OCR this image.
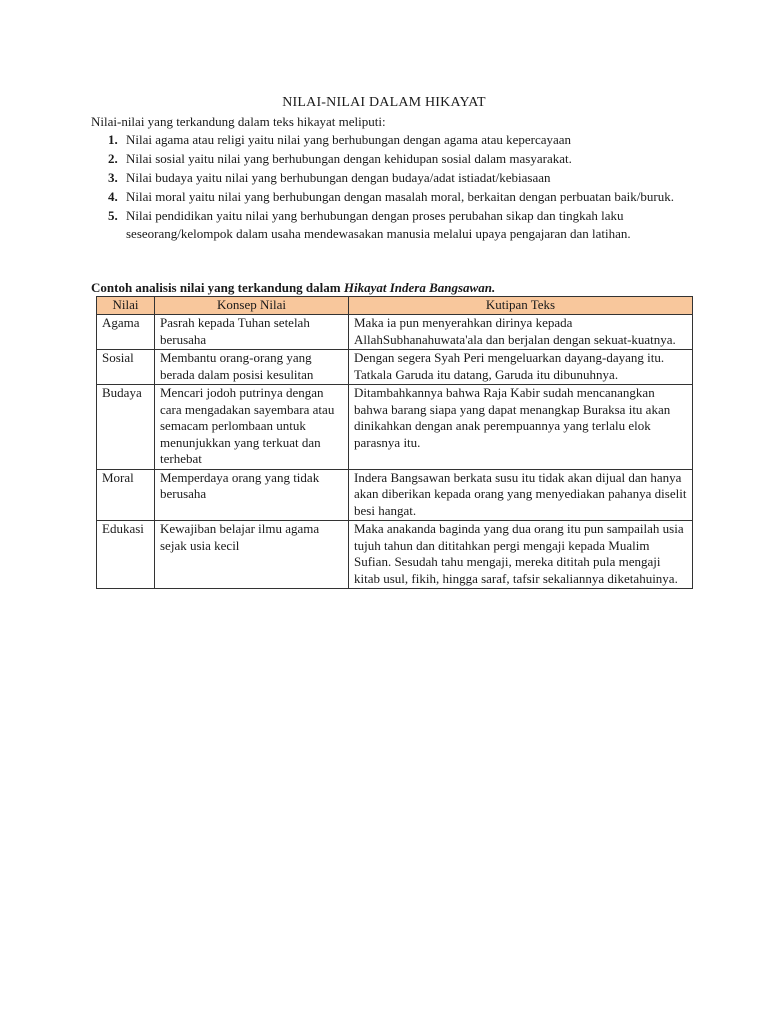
NILAI-NILAI DALAM HIKAYAT
Nilai-nilai yang terkandung dalam teks hikayat meliputi:
1. Nilai agama atau religi yaitu nilai yang berhubungan dengan agama atau kepercayaan
2. Nilai sosial yaitu nilai yang berhubungan dengan kehidupan sosial dalam masyarakat.
3. Nilai budaya yaitu nilai yang berhubungan dengan budaya/adat istiadat/kebiasaan
4. Nilai moral yaitu nilai yang berhubungan dengan masalah moral, berkaitan dengan perbuatan baik/buruk.
5. Nilai pendidikan yaitu nilai yang berhubungan dengan proses perubahan sikap dan tingkah laku seseorang/kelompok dalam usaha mendewasakan manusia melalui upaya pengajaran dan latihan.
Contoh analisis nilai yang terkandung dalam Hikayat Indera Bangsawan.
Nilai	Konsep Nilai	Kutipan Teks
Agama	Pasrah kepada Tuhan setelah berusaha	Maka ia pun menyerahkan dirinya kepada AllahSubhanahuwata'ala dan berjalan dengan sekuat-kuatnya.
Sosial	Membantu orang-orang yang berada dalam posisi kesulitan	Dengan segera Syah Peri mengeluarkan dayang-dayang itu. Tatkala Garuda itu datang, Garuda itu dibunuhnya.
Budaya	Mencari jodoh putrinya dengan cara mengadakan sayembara atau semacam perlombaan untuk menunjukkan yang terkuat dan terhebat	Ditambahkannya bahwa Raja Kabir sudah mencanangkan bahwa barang siapa yang dapat menangkap Buraksa itu akan dinikahkan dengan anak perempuannya yang terlalu elok parasnya itu.
Moral	Memperdaya orang yang tidak berusaha	Indera Bangsawan berkata susu itu tidak akan dijual dan hanya akan diberikan kepada orang yang menyediakan pahanya diselit besi hangat.
Edukasi	Kewajiban belajar ilmu agama sejak usia kecil	Maka anakanda baginda yang dua orang itu pun sampailah usia tujuh tahun dan dititahkan pergi mengaji kepada Mualim Sufian. Sesudah tahu mengaji, mereka dititah pula mengaji kitab usul, fikih, hingga saraf, tafsir sekaliannya diketahuinya.
